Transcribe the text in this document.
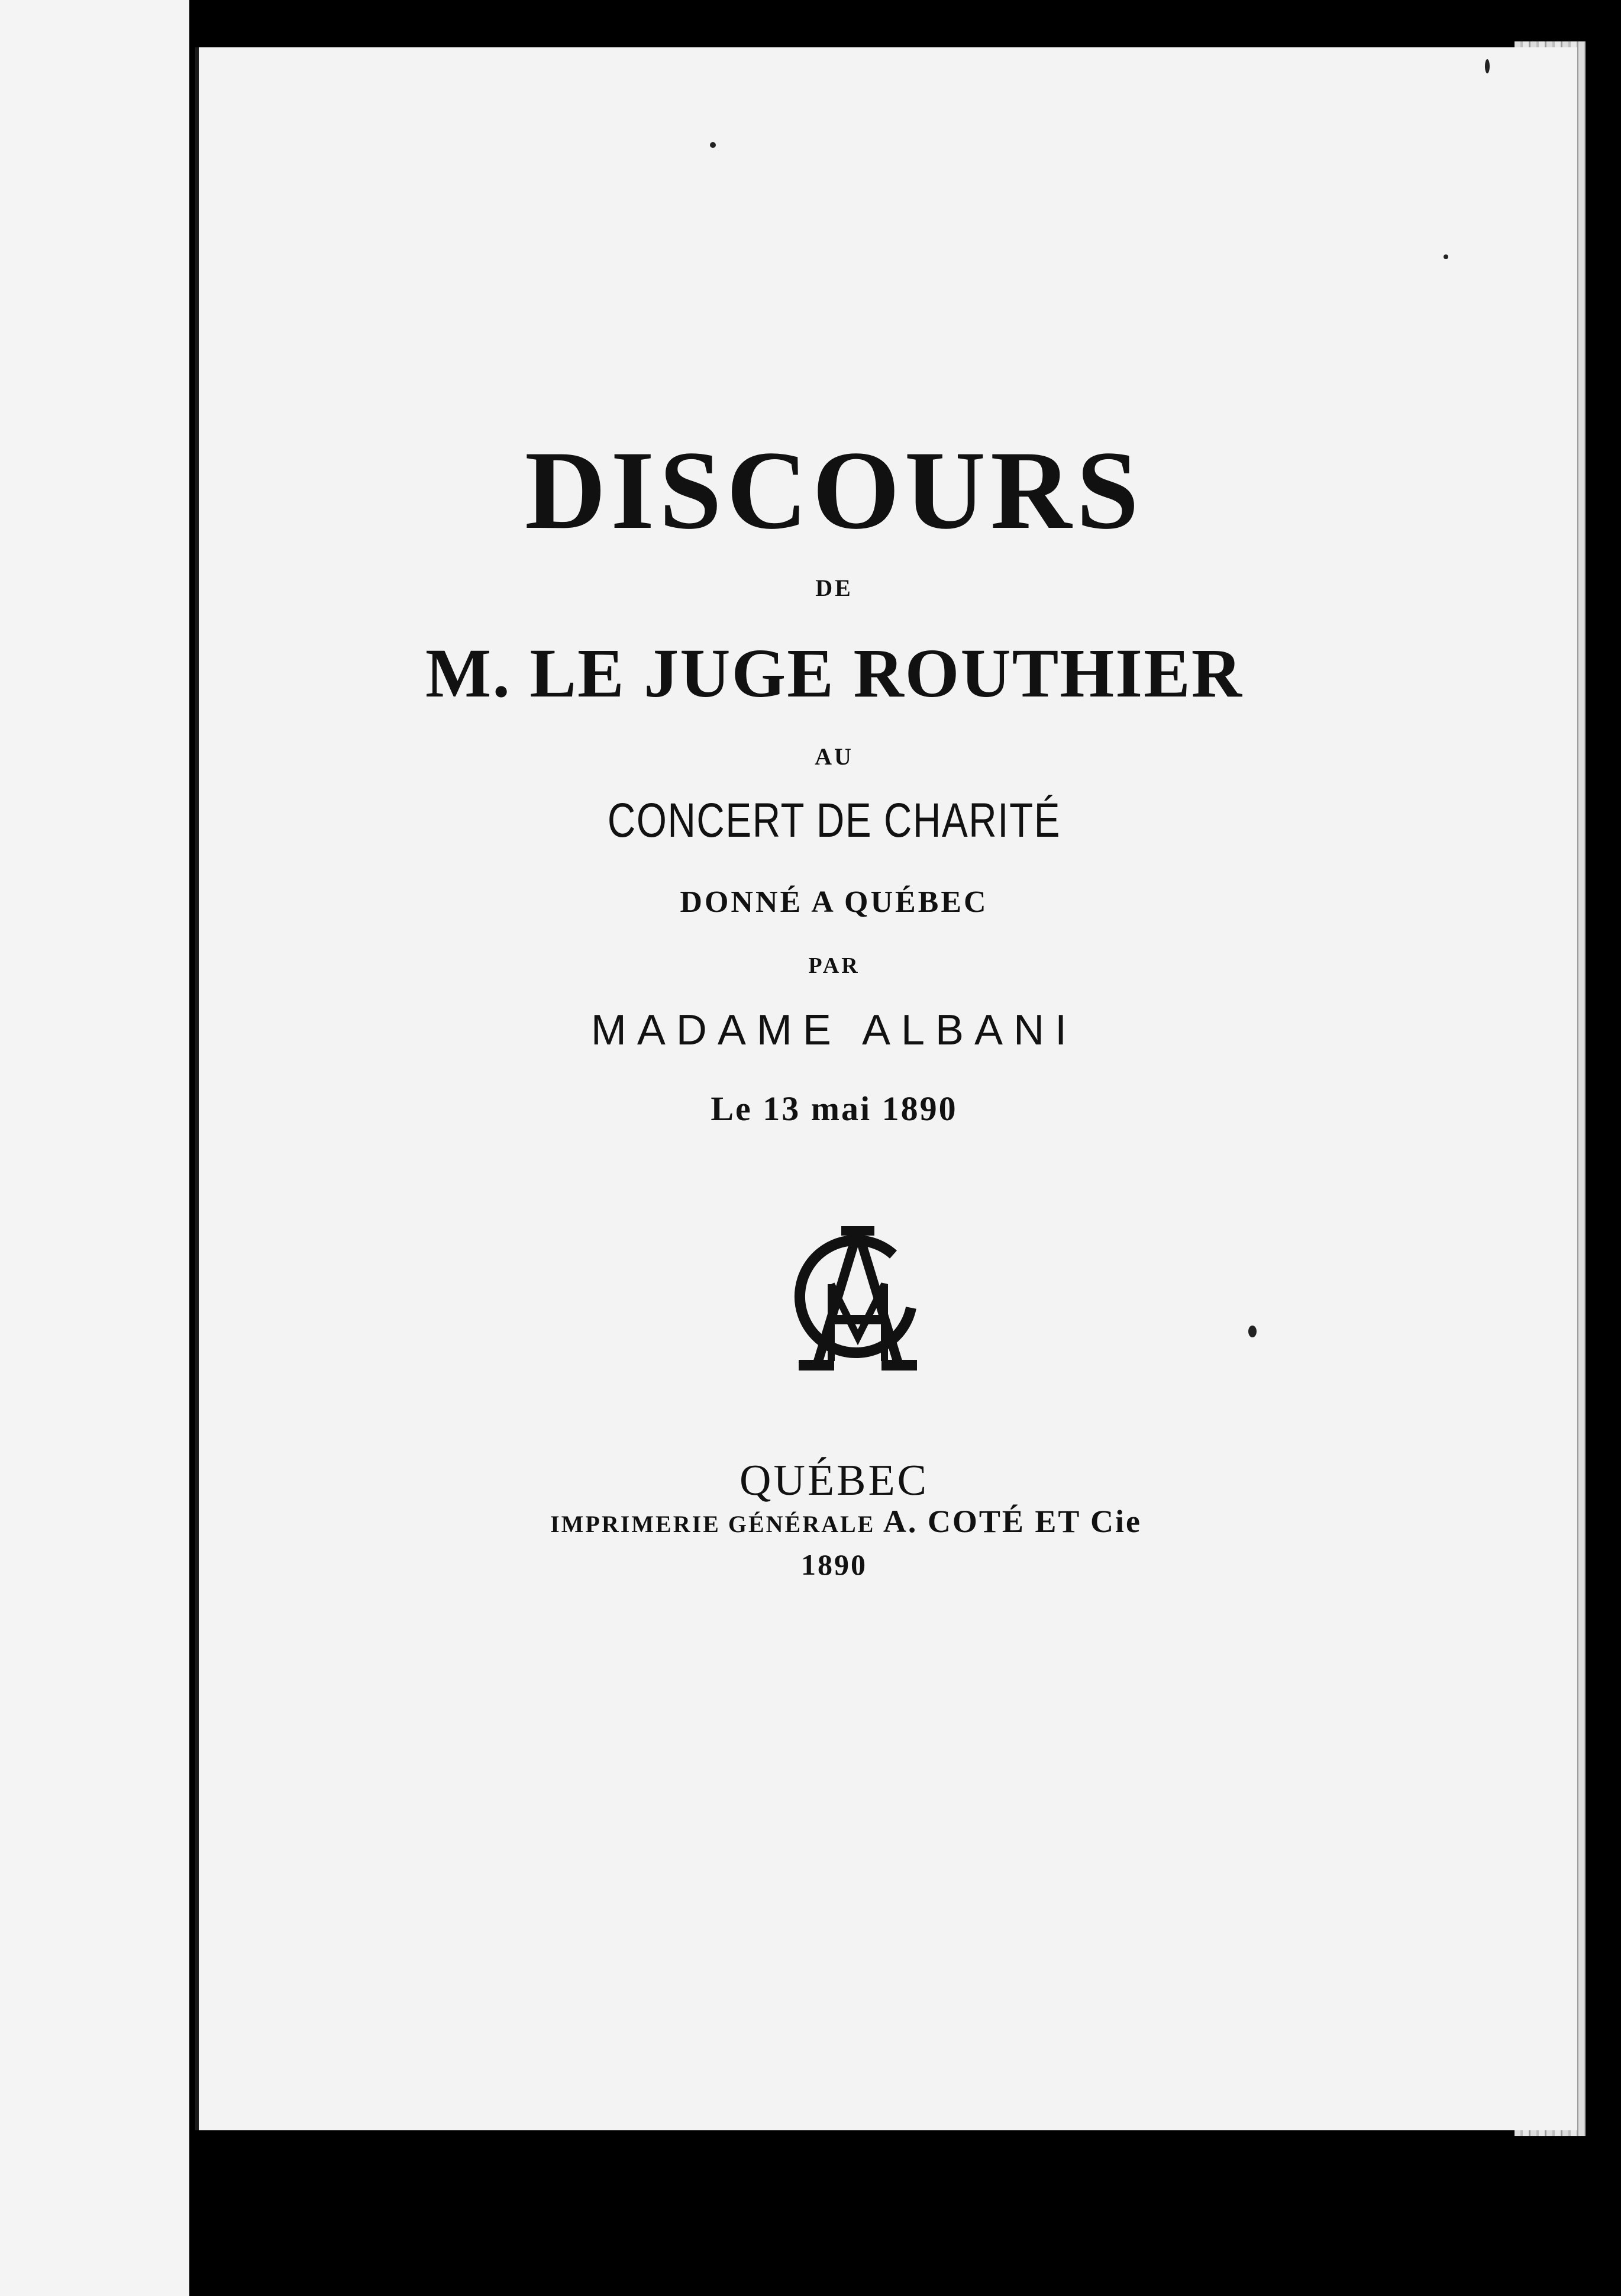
DISCOURS
DE
M. LE JUGE ROUTHIER
AU
CONCERT DE CHARITÉ
DONNÉ A QUÉBEC
PAR
MADAME ALBANI
Le 13 mai 1890
QUÉBEC
IMPRIMERIE GÉNÉRALE A. COTÉ ET Cie
1890
